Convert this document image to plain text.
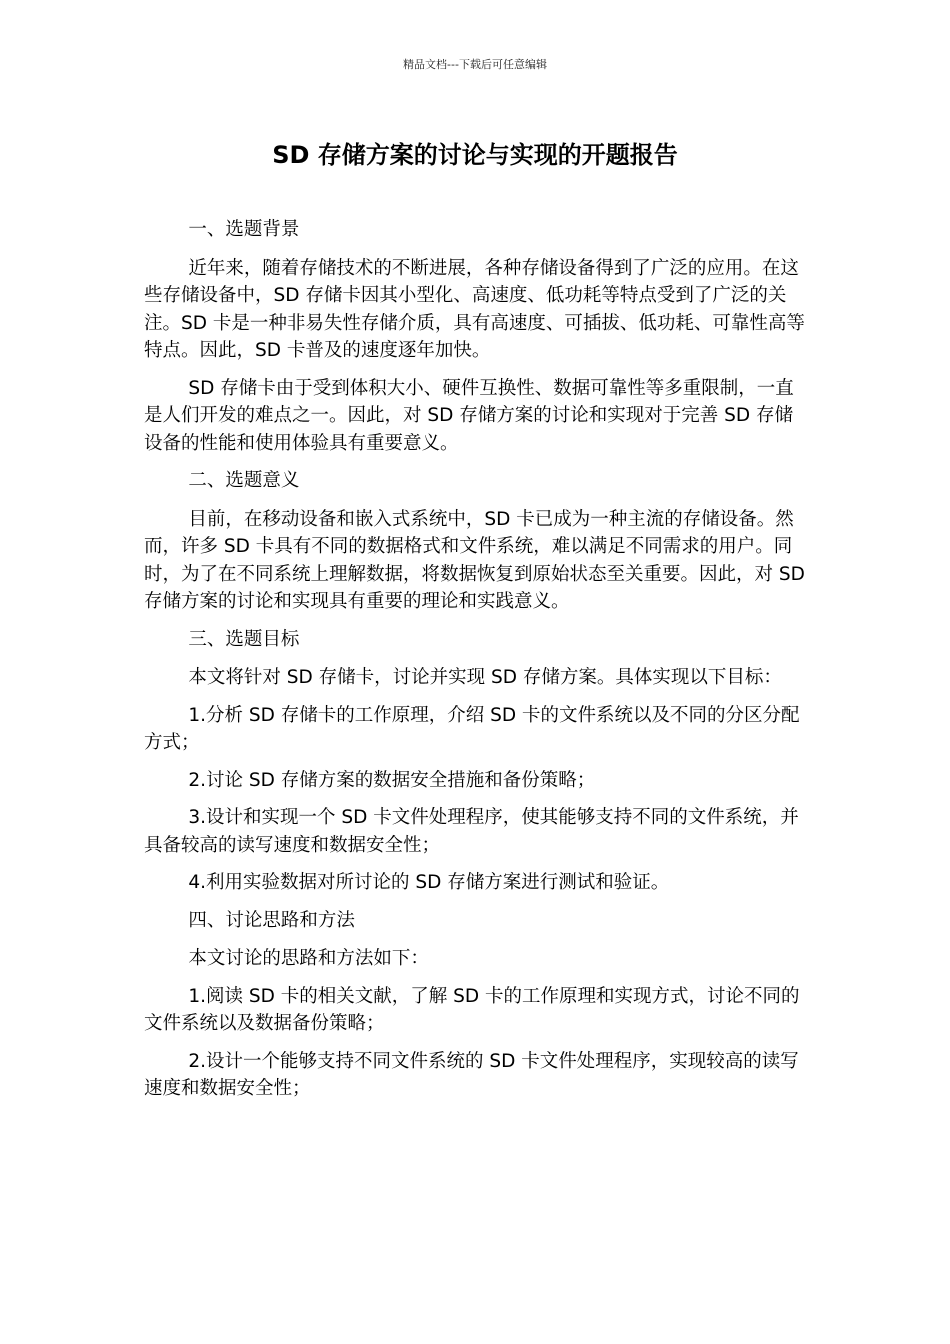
精品文档---下载后可任意编辑
SD 存储方案的讨论与实现的开题报告

一、选题背景

近年来，随着存储技术的不断进展，各种存储设备得到了广泛的应用。在这些存储设备中，SD 存储卡因其小型化、高速度、低功耗等特点受到了广泛的关注。SD 卡是一种非易失性存储介质，具有高速度、可插拔、低功耗、可靠性高等特点。因此，SD 卡普及的速度逐年加快。

SD 存储卡由于受到体积大小、硬件互换性、数据可靠性等多重限制，一直是人们开发的难点之一。因此，对 SD 存储方案的讨论和实现对于完善 SD 存储设备的性能和使用体验具有重要意义。

二、选题意义

目前，在移动设备和嵌入式系统中，SD 卡已成为一种主流的存储设备。然而，许多 SD 卡具有不同的数据格式和文件系统，难以满足不同需求的用户。同时，为了在不同系统上理解数据，将数据恢复到原始状态至关重要。因此，对 SD 存储方案的讨论和实现具有重要的理论和实践意义。

三、选题目标

本文将针对 SD 存储卡，讨论并实现 SD 存储方案。具体实现以下目标：

1.分析 SD 存储卡的工作原理，介绍 SD 卡的文件系统以及不同的分区分配方式；

2.讨论 SD 存储方案的数据安全措施和备份策略；

3.设计和实现一个 SD 卡文件处理程序，使其能够支持不同的文件系统，并具备较高的读写速度和数据安全性；

4.利用实验数据对所讨论的 SD 存储方案进行测试和验证。

四、讨论思路和方法

本文讨论的思路和方法如下：

1.阅读 SD 卡的相关文献，了解 SD 卡的工作原理和实现方式，讨论不同的文件系统以及数据备份策略；

2.设计一个能够支持不同文件系统的 SD 卡文件处理程序，实现较高的读写速度和数据安全性；
